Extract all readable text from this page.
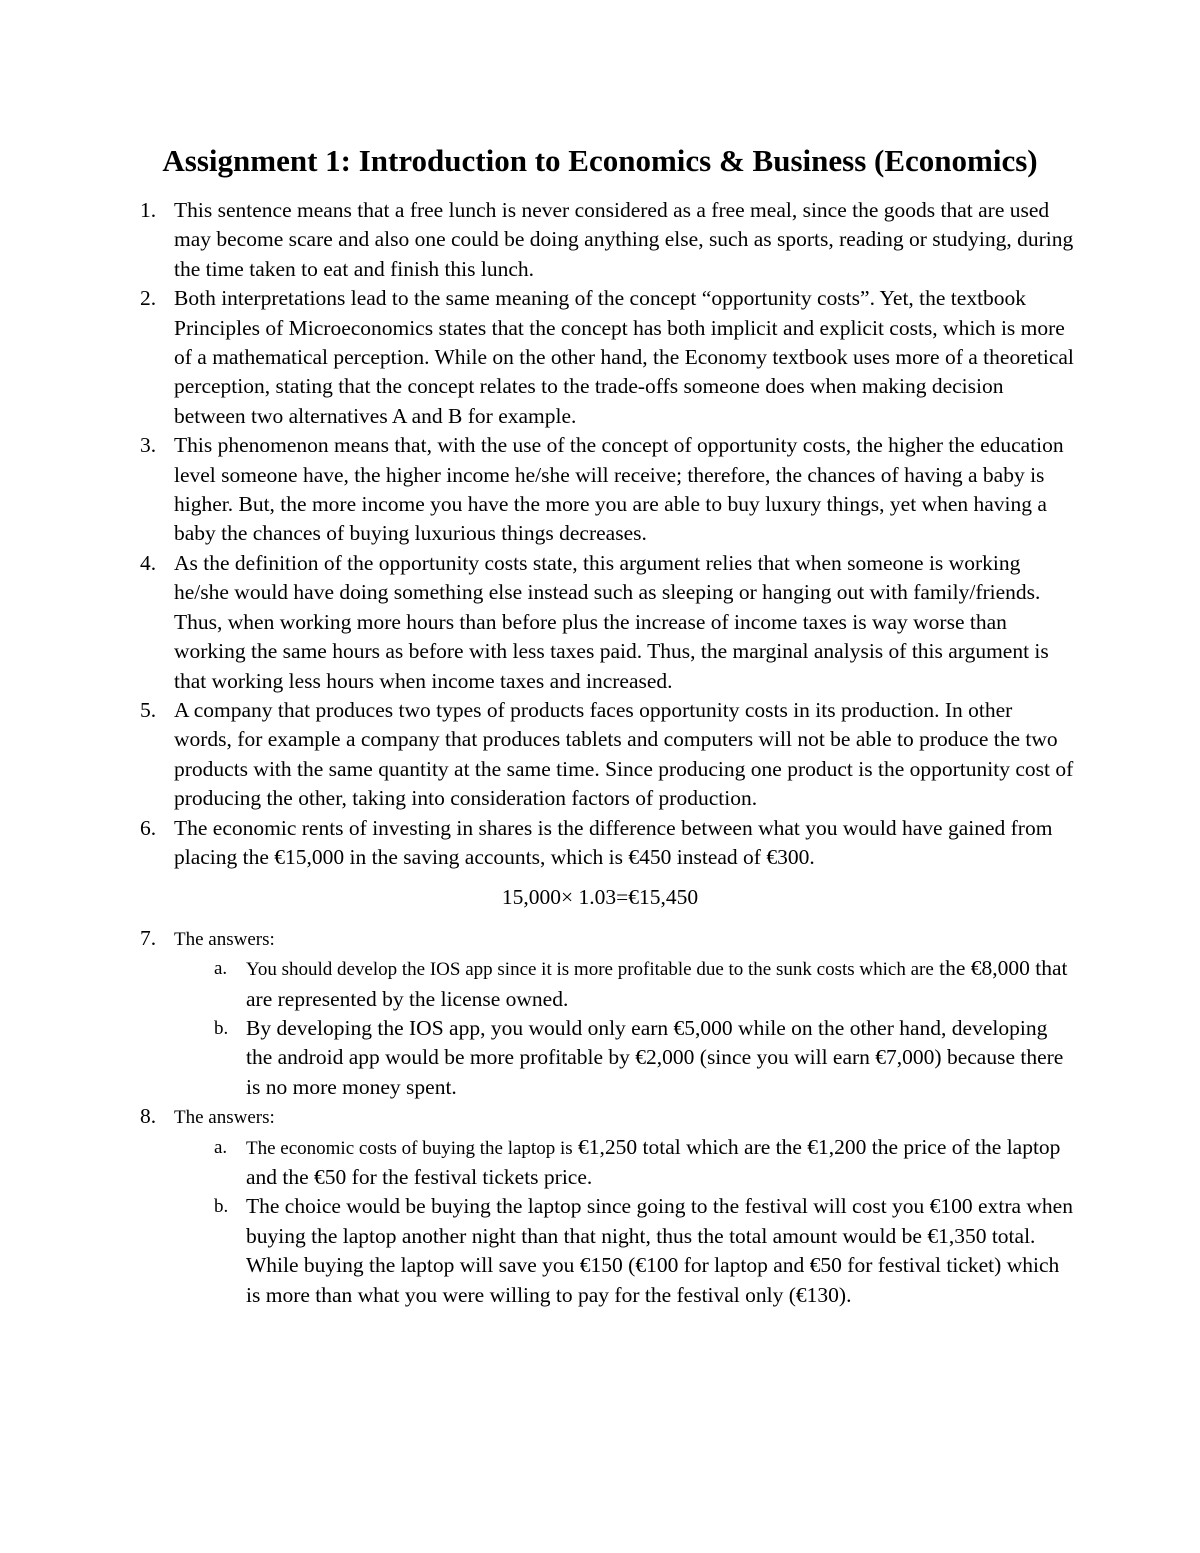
Assignment 1: Introduction to Economics & Business (Economics)
1. This sentence means that a free lunch is never considered as a free meal, since the goods that are used may become scare and also one could be doing anything else, such as sports, reading or studying, during the time taken to eat and finish this lunch.
2. Both interpretations lead to the same meaning of the concept “opportunity costs”. Yet, the textbook Principles of Microeconomics states that the concept has both implicit and explicit costs, which is more of a mathematical perception. While on the other hand, the Economy textbook uses more of a theoretical perception, stating that the concept relates to the trade-offs someone does when making decision between two alternatives A and B for example.
3. This phenomenon means that, with the use of the concept of opportunity costs, the higher the education level someone have, the higher income he/she will receive; therefore, the chances of having a baby is higher. But, the more income you have the more you are able to buy luxury things, yet when having a baby the chances of buying luxurious things decreases.
4. As the definition of the opportunity costs state, this argument relies that when someone is working he/she would have doing something else instead such as sleeping or hanging out with family/friends. Thus, when working more hours than before plus the increase of income taxes is way worse than working the same hours as before with less taxes paid. Thus, the marginal analysis of this argument is that working less hours when income taxes and increased.
5. A company that produces two types of products faces opportunity costs in its production. In other words, for example a company that produces tablets and computers will not be able to produce the two products with the same quantity at the same time. Since producing one product is the opportunity cost of producing the other, taking into consideration factors of production.
6. The economic rents of investing in shares is the difference between what you would have gained from placing the €15,000 in the saving accounts, which is €450 instead of €300.
15,000× 1.03=€15,450
7. The answers:
a. You should develop the IOS app since it is more profitable due to the sunk costs which are the €8,000 that are represented by the license owned.
b. By developing the IOS app, you would only earn €5,000 while on the other hand, developing the android app would be more profitable by €2,000 (since you will earn €7,000) because there is no more money spent.
8. The answers:
a. The economic costs of buying the laptop is €1,250 total which are the €1,200 the price of the laptop and the €50 for the festival tickets price.
b. The choice would be buying the laptop since going to the festival will cost you €100 extra when buying the laptop another night than that night, thus the total amount would be €1,350 total. While buying the laptop will save you €150 (€100 for laptop and €50 for festival ticket) which is more than what you were willing to pay for the festival only (€130).
